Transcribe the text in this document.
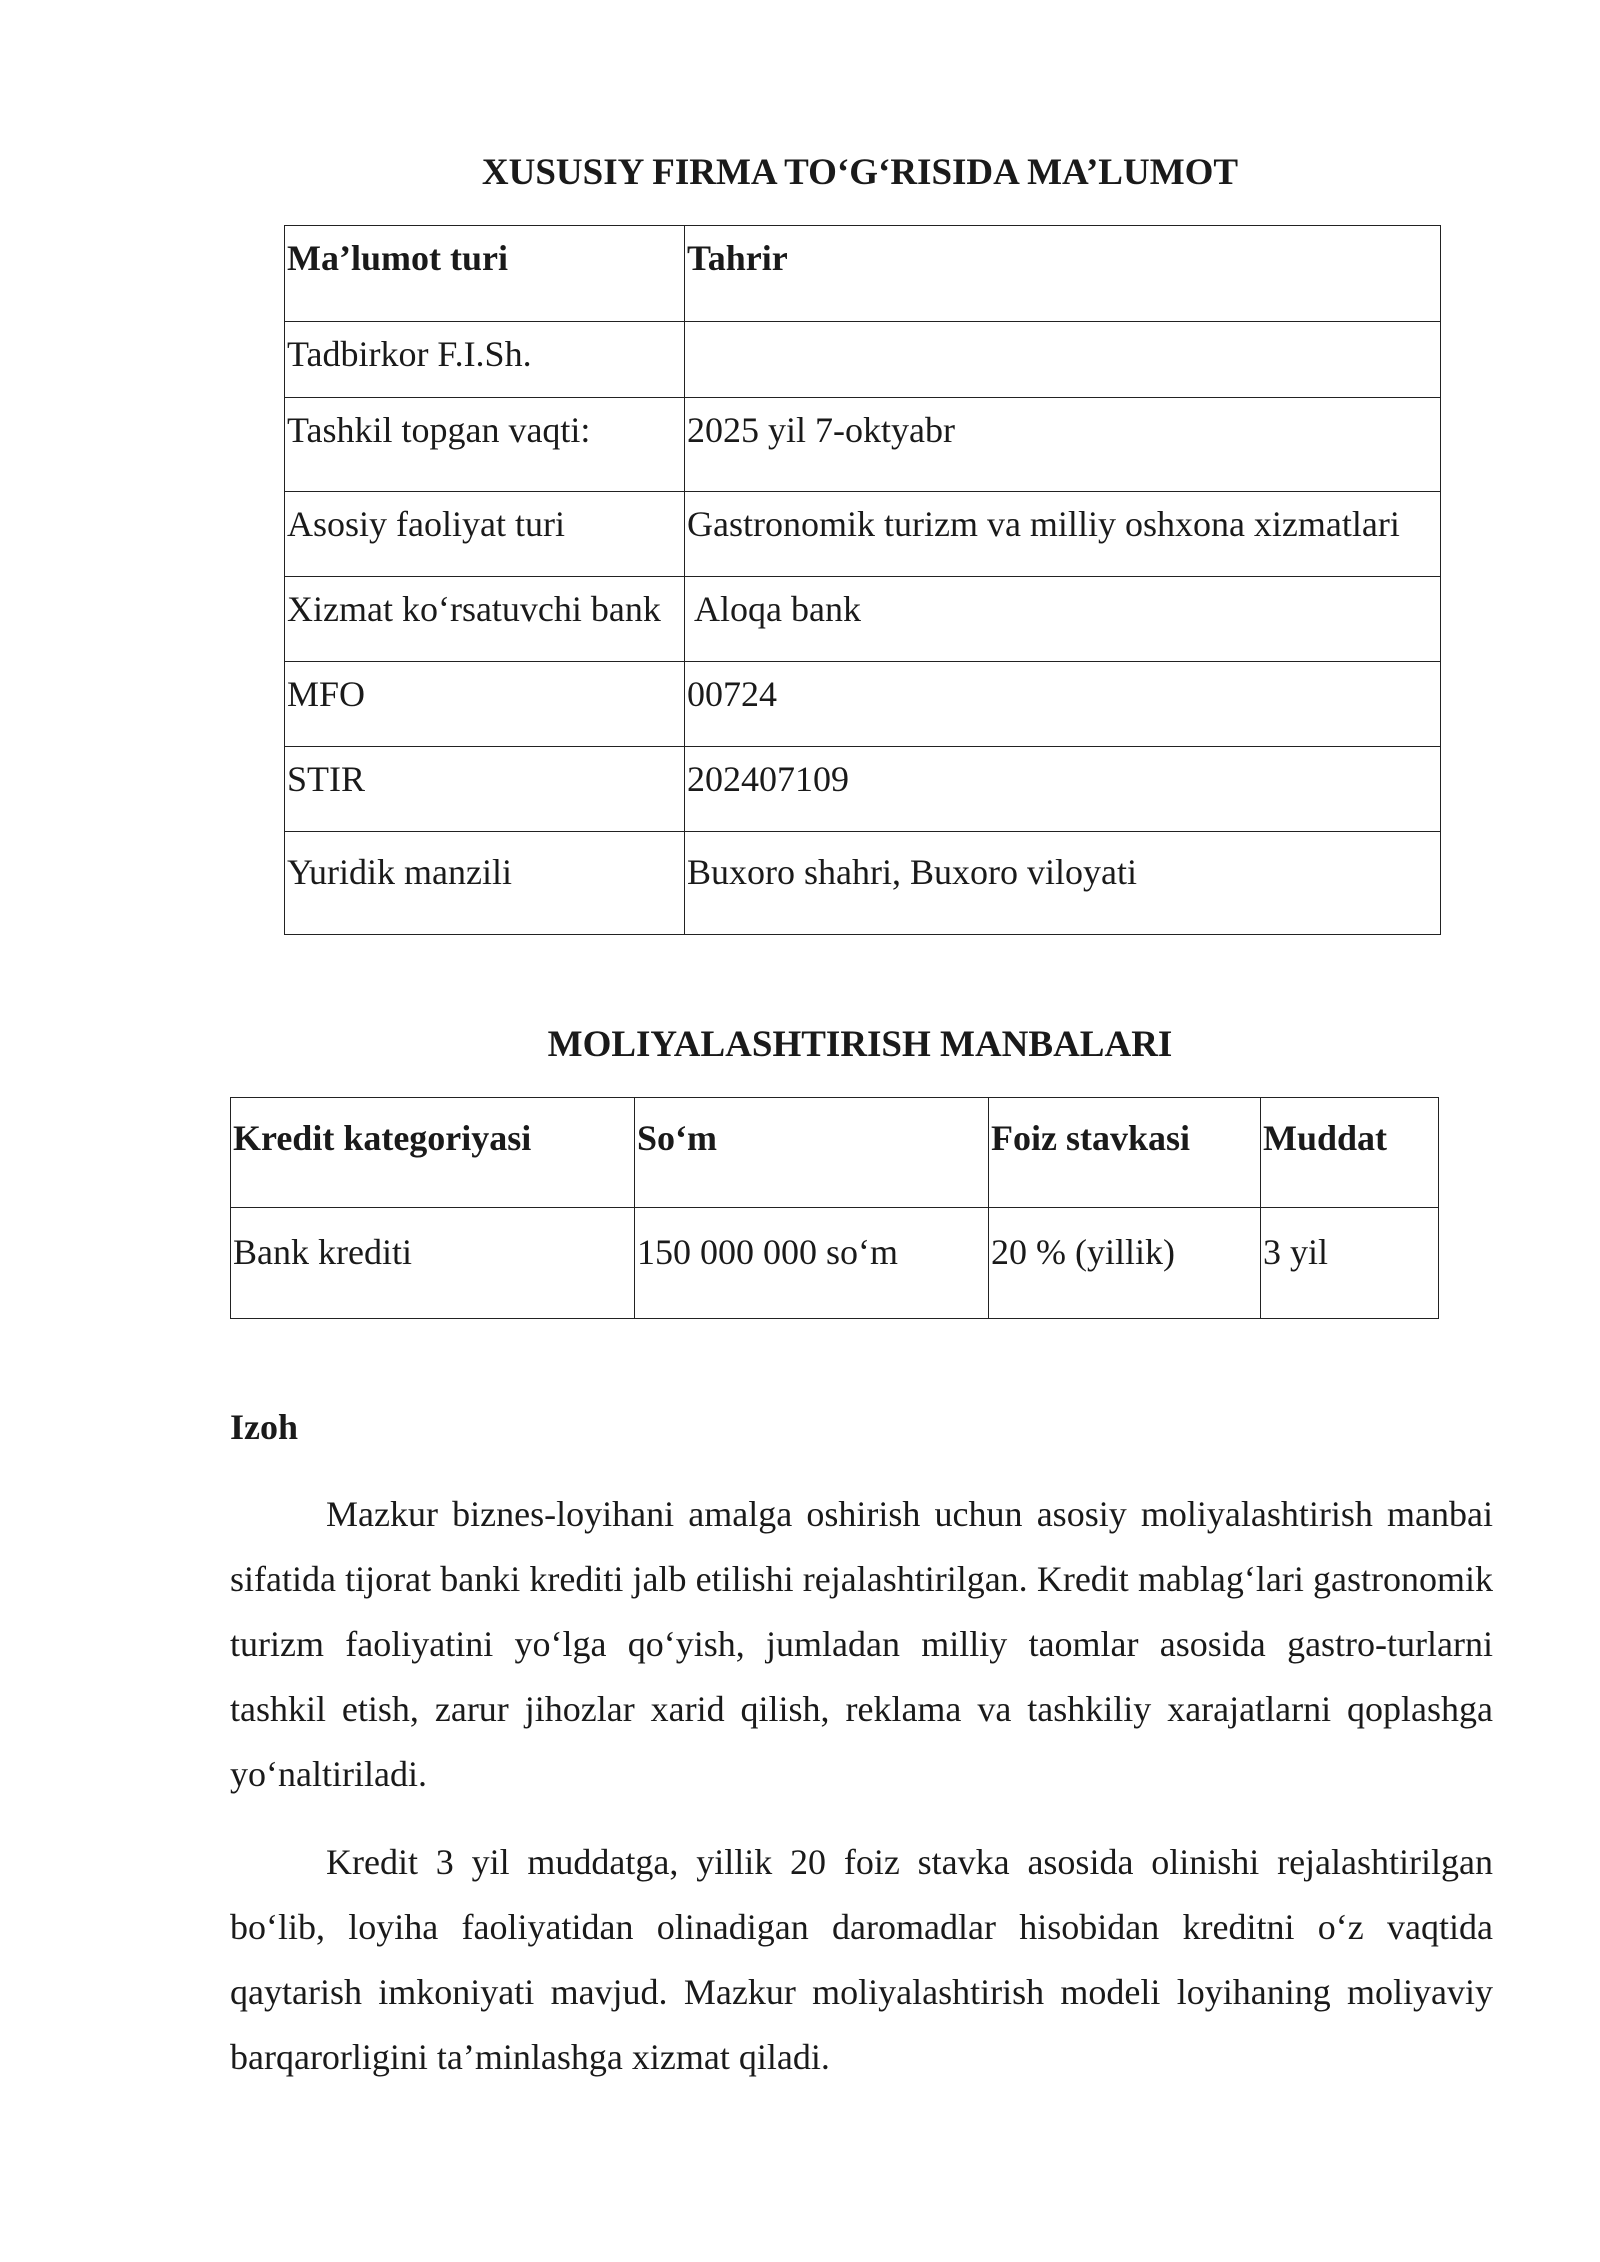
XUSUSIY FIRMA TO‘G‘RISIDA MA’LUMOT
Ma’lumot turi	Tahrir
Tadbirkor F.I.Sh.	
Tashkil topgan vaqti:	2025 yil 7-oktyabr
Asosiy faoliyat turi	Gastronomik turizm va milliy oshxona xizmatlari
Xizmat ko‘rsatuvchi bank	Aloqa bank
MFO	00724
STIR	202407109
Yuridik manzili	Buxoro shahri, Buxoro viloyati
MOLIYALASHTIRISH MANBALARI
Kredit kategoriyasi	So‘m	Foiz stavkasi	Muddat
Bank krediti	150 000 000 so‘m	20 % (yillik)	3 yil
Izoh

Mazkur biznes-loyihani amalga oshirish uchun asosiy moliyalashtirish manbai sifatida tijorat banki krediti jalb etilishi rejalashtirilgan. Kredit mablag‘lari gastronomik turizm faoliyatini yo‘lga qo‘yish, jumladan milliy taomlar asosida gastro-turlarni tashkil etish, zarur jihozlar xarid qilish, reklama va tashkiliy xarajatlarni qoplashga yo‘naltiriladi.

Kredit 3 yil muddatga, yillik 20 foiz stavka asosida olinishi rejalashtirilgan bo‘lib, loyiha faoliyatidan olinadigan daromadlar hisobidan kreditni o‘z vaqtida qaytarish imkoniyati mavjud. Mazkur moliyalashtirish modeli loyihaning moliyaviy barqarorligini ta’minlashga xizmat qiladi.
